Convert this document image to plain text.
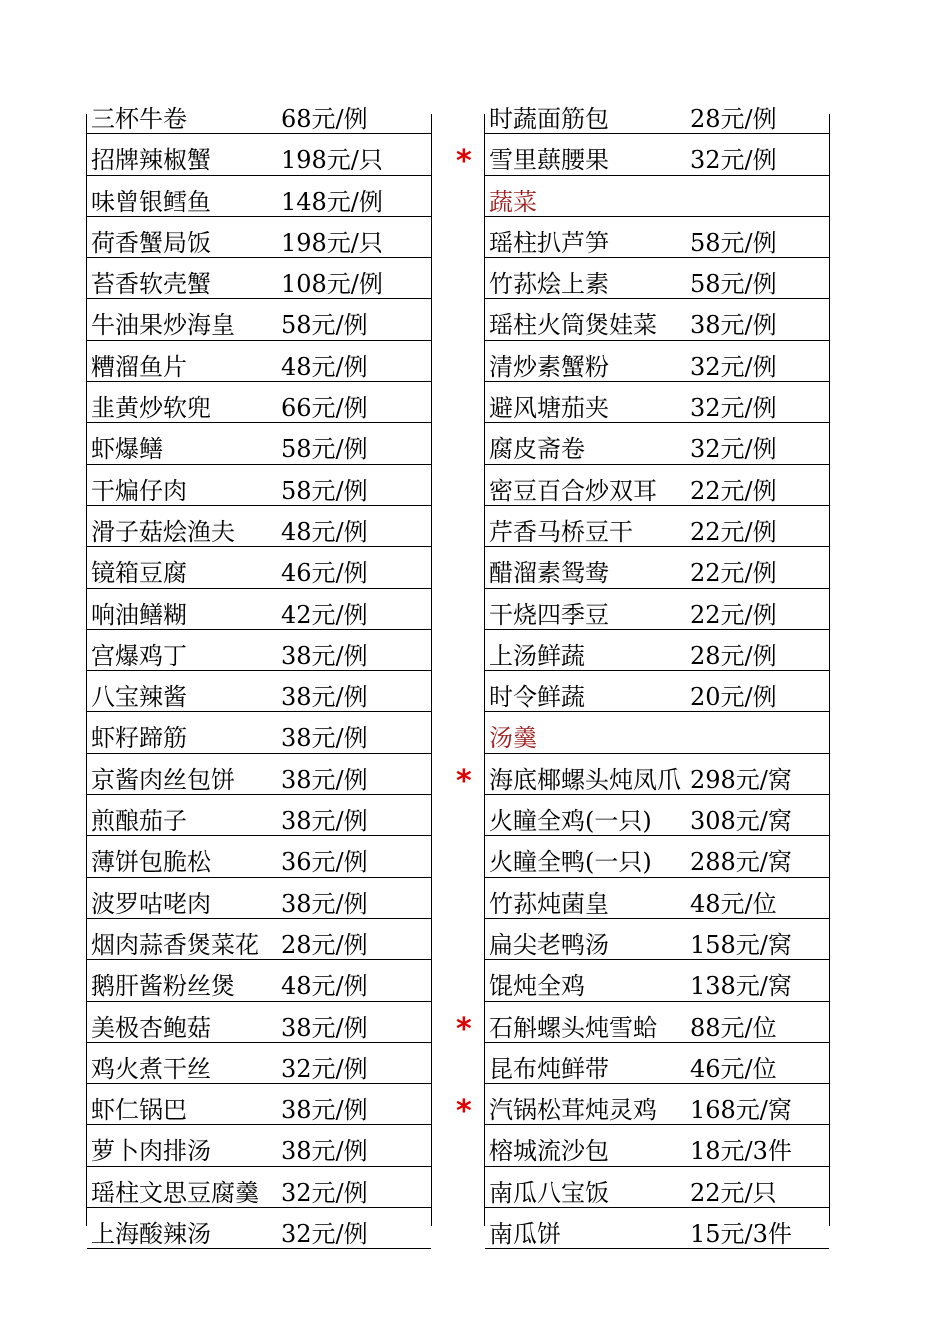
三杯牛卷	68元/例
招牌辣椒蟹	198元/只
味曾银鳕鱼	148元/例
荷香蟹局饭	198元/只
苔香软壳蟹	108元/例
牛油果炒海皇 58元/例
糟溜鱼片	48元/例
韭黄炒软兜	66元/例
虾爆鳝	58元/例
干煸仔肉	58元/例
滑子菇烩渔夫 48元/例
镜箱豆腐	46元/例
响油鳝糊	42元/例
宫爆鸡丁	38元/例
八宝辣酱	38元/例
虾籽蹄筋	38元/例
京酱肉丝包饼 38元/例
煎酿茄子	38元/例
薄饼包脆松	36元/例
波罗咕咾肉	38元/例
烟肉蒜香煲菜花 28元/例
鹅肝酱粉丝煲 48元/例
美极杏鲍菇	38元/例
鸡火煮干丝	32元/例
虾仁锅巴	38元/例
萝卜肉排汤	38元/例
瑶柱文思豆腐羹 32元/例
上海酸辣汤	32元/例
时蔬面筋包	28元/例
* 雪里蕻腰果	32元/例
蔬菜
瑶柱扒芦笋	58元/例
竹荪烩上素	58元/例
瑶柱火筒煲娃菜 38元/例
清炒素蟹粉	32元/例
避风塘茄夹	32元/例
腐皮斋卷	32元/例
密豆百合炒双耳 22元/例
芹香马桥豆干 22元/例
醋溜素鸳鸯	22元/例
干烧四季豆	22元/例
上汤鲜蔬	28元/例
时令鲜蔬	20元/例
汤羹
* 海底椰螺头炖凤爪 298元/窝
火瞳全鸡(一只) 308元/窝
火瞳全鸭(一只) 288元/窝
竹荪炖菌皇	48元/位
扁尖老鸭汤	158元/窝
馄炖全鸡	138元/窝
* 石斛螺头炖雪蛤 88元/位
昆布炖鲜带	46元/位
* 汽锅松茸炖灵鸡 168元/窝
榕城流沙包	18元/3件
南瓜八宝饭	22元/只
南瓜饼	15元/3件
